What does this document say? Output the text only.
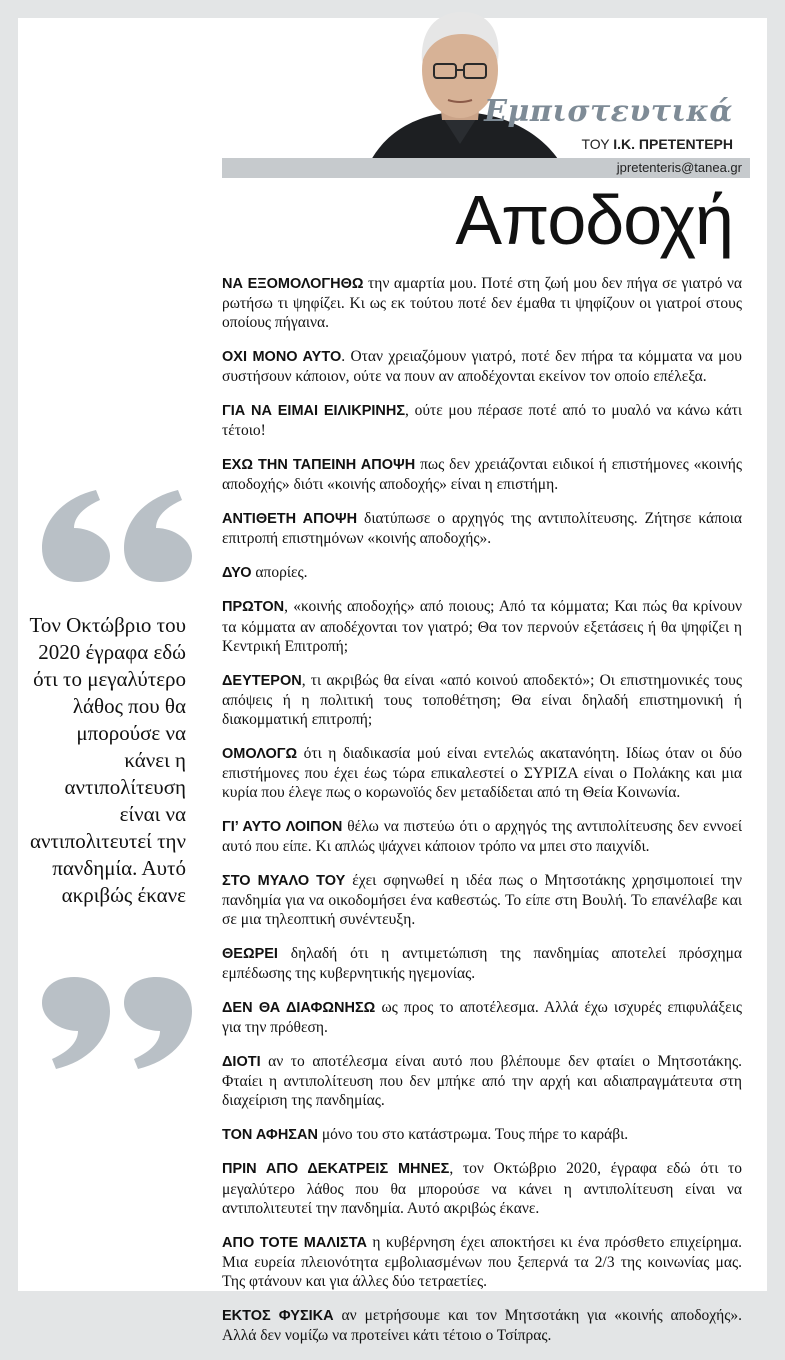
Εμπιστευτικά
ΤΟΥ Ι.Κ. ΠΡΕΤΕΝΤΕΡΗ
jpretenteris@tanea.gr
Αποδοχή
Τον Οκτώβριο του 2020 έγραφα εδώ ότι το μεγαλύτερο λάθος που θα μπορούσε να κάνει η αντιπολίτευση είναι να αντιπολιτευτεί την πανδημία. Αυτό ακριβώς έκανε

ΝΑ ΕΞΟΜΟΛΟΓΗΘΩ την αμαρτία μου. Ποτέ στη ζωή μου δεν πήγα σε γιατρό να ρωτήσω τι ψηφίζει. Κι ως εκ τούτου ποτέ δεν έμαθα τι ψηφίζουν οι γιατροί στους οποίους πήγαινα.

ΟΧΙ ΜΟΝΟ ΑΥΤΟ. Οταν χρειαζόμουν γιατρό, ποτέ δεν πήρα τα κόμματα να μου συστήσουν κάποιον, ούτε να πουν αν αποδέχονται εκείνον τον οποίο επέλεξα.

ΓΙΑ ΝΑ ΕΙΜΑΙ ΕΙΛΙΚΡΙΝΗΣ, ούτε μου πέρασε ποτέ από το μυαλό να κάνω κάτι τέτοιο!

ΕΧΩ ΤΗΝ ΤΑΠΕΙΝΗ ΑΠΟΨΗ πως δεν χρειάζονται ειδικοί ή επιστήμονες «κοινής αποδοχής» διότι «κοινής αποδοχής» είναι η επιστήμη.

ΑΝΤΙΘΕΤΗ ΑΠΟΨΗ διατύπωσε ο αρχηγός της αντιπολίτευσης. Ζήτησε κάποια επιτροπή επιστημόνων «κοινής αποδοχής».

ΔΥΟ απορίες.

ΠΡΩΤΟΝ, «κοινής αποδοχής» από ποιους; Από τα κόμματα; Και πώς θα κρίνουν τα κόμματα αν αποδέχονται τον γιατρό; Θα τον περνούν εξετάσεις ή θα ψηφίζει η Κεντρική Επιτροπή;

ΔΕΥΤΕΡΟΝ, τι ακριβώς θα είναι «από κοινού αποδεκτό»; Οι επιστημονικές τους απόψεις ή η πολιτική τους τοποθέτηση; Θα είναι δηλαδή επιστημονική ή διακομματική επιτροπή;

ΟΜΟΛΟΓΩ ότι η διαδικασία μού είναι εντελώς ακατανόητη. Ιδίως όταν οι δύο επιστήμονες που έχει έως τώρα επικαλεστεί ο ΣΥΡΙΖΑ είναι ο Πολάκης και μια κυρία που έλεγε πως ο κορωνοϊός δεν μεταδίδεται από τη Θεία Κοινωνία.

ΓΙ’ ΑΥΤΟ ΛΟΙΠΟΝ θέλω να πιστεύω ότι ο αρχηγός της αντιπολίτευσης δεν εννοεί αυτό που είπε. Κι απλώς ψάχνει κάποιον τρόπο να μπει στο παιχνίδι.

ΣΤΟ ΜΥΑΛΟ ΤΟΥ έχει σφηνωθεί η ιδέα πως ο Μητσοτάκης χρησιμοποιεί την πανδημία για να οικοδομήσει ένα καθεστώς. Το είπε στη Βουλή. Το επανέλαβε και σε μια τηλεοπτική συνέντευξη.

ΘΕΩΡΕΙ δηλαδή ότι η αντιμετώπιση της πανδημίας αποτελεί πρόσχημα εμπέδωσης της κυβερνητικής ηγεμονίας.

ΔΕΝ ΘΑ ΔΙΑΦΩΝΗΣΩ ως προς το αποτέλεσμα. Αλλά έχω ισχυρές επιφυλάξεις για την πρόθεση.

ΔΙΟΤΙ αν το αποτέλεσμα είναι αυτό που βλέπουμε δεν φταίει ο Μητσοτάκης. Φταίει η αντιπολίτευση που δεν μπήκε από την αρχή και αδιαπραγμάτευτα στη διαχείριση της πανδημίας.

ΤΟΝ ΑΦΗΣΑΝ μόνο του στο κατάστρωμα. Τους πήρε το καράβι.

ΠΡΙΝ ΑΠΟ ΔΕΚΑΤΡΕΙΣ ΜΗΝΕΣ, τον Οκτώβριο 2020, έγραφα εδώ ότι το μεγαλύτερο λάθος που θα μπορούσε να κάνει η αντιπολίτευση είναι να αντιπολιτευτεί την πανδημία. Αυτό ακριβώς έκανε.

ΑΠΟ ΤΟΤΕ ΜΑΛΙΣΤΑ η κυβέρνηση έχει αποκτήσει κι ένα πρόσθετο επιχείρημα. Μια ευρεία πλειονότητα εμβολιασμένων που ξεπερνά τα 2/3 της κοινωνίας μας. Της φτάνουν και για άλλες δύο τετραετίες.

ΕΚΤΟΣ ΦΥΣΙΚΑ αν μετρήσουμε και τον Μητσοτάκη για «κοινής αποδοχής». Αλλά δεν νομίζω να προτείνει κάτι τέτοιο ο Τσίπρας.
